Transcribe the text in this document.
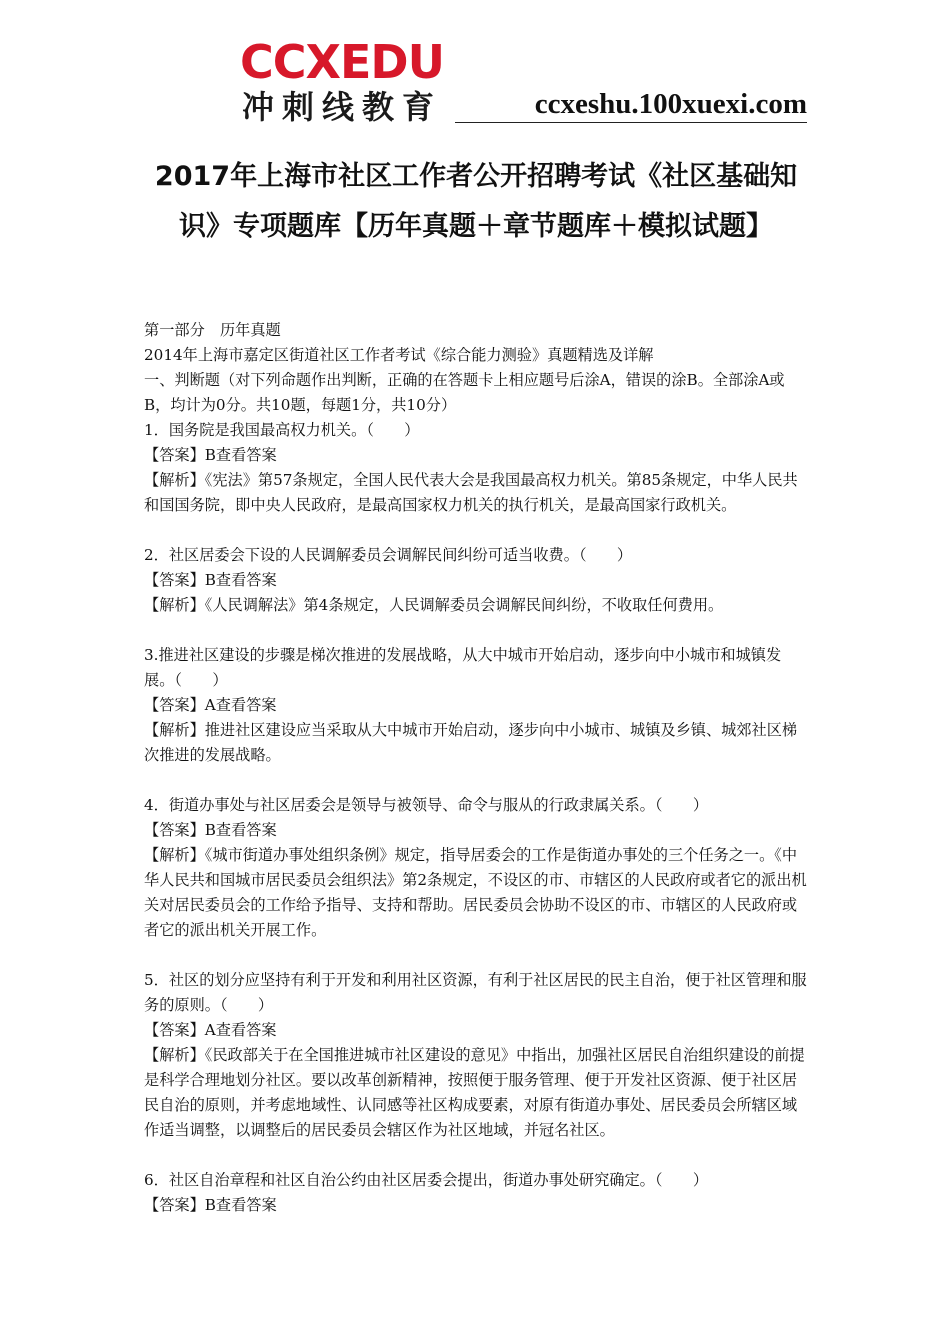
CCXEDU
冲刺线教育	ccxeshu.100xuexi.com
2017年上海市社区工作者公开招聘考试《社区基础知
识》专项题库【历年真题＋章节题库＋模拟试题】

第一部分　历年真题

2014年上海市嘉定区街道社区工作者考试《综合能力测验》真题精选及详解

一、判断题（对下列命题作出判断，正确的在答题卡上相应题号后涂A，错误的涂B。全部涂A或B，均计为0分。共10题，每题1分，共10分）

1．国务院是我国最高权力机关。（　　）

【答案】B查看答案

【解析】《宪法》第57条规定，全国人民代表大会是我国最高权力机关。第85条规定，中华人民共和国国务院，即中央人民政府，是最高国家权力机关的执行机关，是最高国家行政机关。

2．社区居委会下设的人民调解委员会调解民间纠纷可适当收费。（　　）

【答案】B查看答案

【解析】《人民调解法》第4条规定，人民调解委员会调解民间纠纷，不收取任何费用。

3.推进社区建设的步骤是梯次推进的发展战略，从大中城市开始启动，逐步向中小城市和城镇发展。（　　）

【答案】A查看答案

【解析】推进社区建设应当采取从大中城市开始启动，逐步向中小城市、城镇及乡镇、城郊社区梯次推进的发展战略。

4．街道办事处与社区居委会是领导与被领导、命令与服从的行政隶属关系。（　　）

【答案】B查看答案

【解析】《城市街道办事处组织条例》规定，指导居委会的工作是街道办事处的三个任务之一。《中华人民共和国城市居民委员会组织法》第2条规定，不设区的市、市辖区的人民政府或者它的派出机关对居民委员会的工作给予指导、支持和帮助。居民委员会协助不设区的市、市辖区的人民政府或者它的派出机关开展工作。

5．社区的划分应坚持有利于开发和利用社区资源，有利于社区居民的民主自治，便于社区管理和服务的原则。（　　）

【答案】A查看答案

【解析】《民政部关于在全国推进城市社区建设的意见》中指出，加强社区居民自治组织建设的前提是科学合理地划分社区。要以改革创新精神，按照便于服务管理、便于开发社区资源、便于社区居民自治的原则，并考虑地域性、认同感等社区构成要素，对原有街道办事处、居民委员会所辖区域作适当调整，以调整后的居民委员会辖区作为社区地域，并冠名社区。

6．社区自治章程和社区自治公约由社区居委会提出，街道办事处研究确定。（　　）

【答案】B查看答案
